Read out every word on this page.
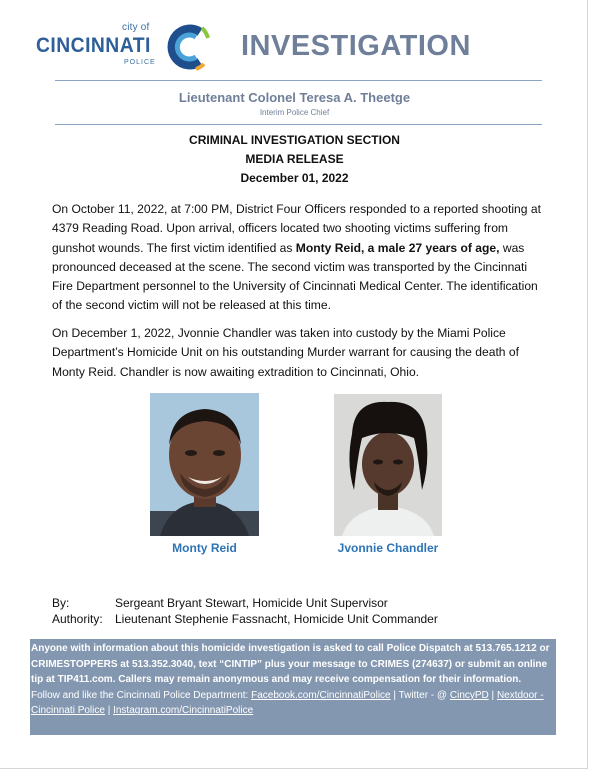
city of
CINCINNATI
POLICE
INVESTIGATION
Lieutenant Colonel Teresa A. Theetge
Interim Police Chief
CRIMINAL INVESTIGATION SECTION
MEDIA RELEASE
December 01, 2022

On October 11, 2022, at 7:00 PM, District Four Officers responded to a reported shooting at 4379 Reading Road. Upon arrival, officers located two shooting victims suffering from gunshot wounds. The first victim identified as Monty Reid, a male 27 years of age, was pronounced deceased at the scene. The second victim was transported by the Cincinnati Fire Department personnel to the University of Cincinnati Medical Center. The identification of the second victim will not be released at this time.

On December 1, 2022, Jvonnie Chandler was taken into custody by the Miami Police Department’s Homicide Unit on his outstanding Murder warrant for causing the death of Monty Reid. Chandler is now awaiting extradition to Cincinnati, Ohio.

Monty Reid	Jvonnie Chandler
By:	Sergeant Bryant Stewart, Homicide Unit Supervisor
Authority: Lieutenant Stephenie Fassnacht, Homicide Unit Commander

Anyone with information about this homicide investigation is asked to call Police Dispatch at 513.765.1212 or CRIMESTOPPERS at 513.352.3040, text “CINTIP” plus your message to CRIMES (274637) or submit an online tip at TIP411.com. Callers may remain anonymous and may receive compensation for their information.

Follow and like the Cincinnati Police Department: Facebook.com/CincinnatiPolice | Twitter - @ CincyPD | Nextdoor - Cincinnati Police | Instagram.com/CincinnatiPolice
